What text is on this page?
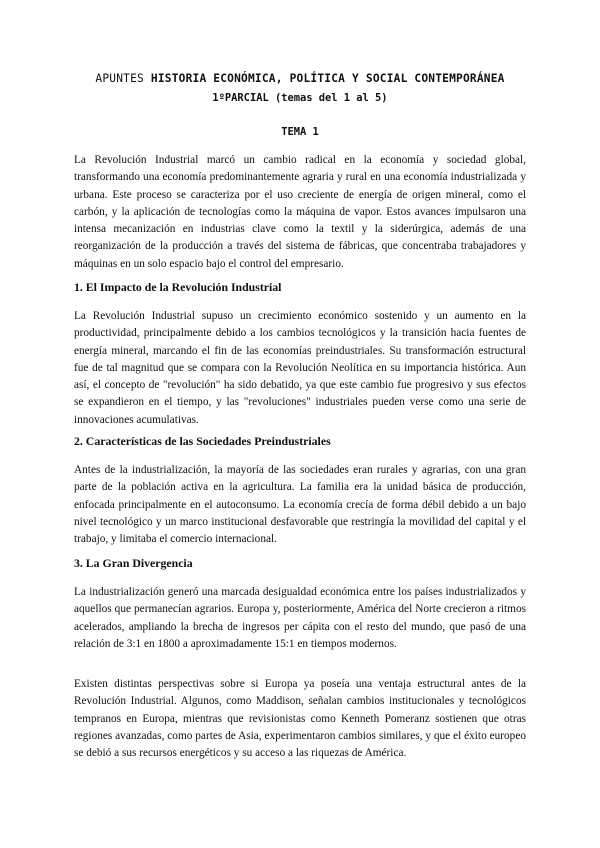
APUNTES HISTORIA ECONÓMICA, POLÍTICA Y SOCIAL CONTEMPORÁNEA
1ºPARCIAL (temas del 1 al 5)
TEMA 1

La Revolución Industrial marcó un cambio radical en la economía y sociedad global, transformando una economía predominantemente agraria y rural en una economía industrializada y urbana. Este proceso se caracteriza por el uso creciente de energía de origen mineral, como el carbón, y la aplicación de tecnologías como la máquina de vapor. Estos avances impulsaron una intensa mecanización en industrias clave como la textil y la siderúrgica, además de una reorganización de la producción a través del sistema de fábricas, que concentraba trabajadores y máquinas en un solo espacio bajo el control del empresario.

1. El Impacto de la Revolución Industrial

La Revolución Industrial supuso un crecimiento económico sostenido y un aumento en la productividad, principalmente debido a los cambios tecnológicos y la transición hacia fuentes de energía mineral, marcando el fin de las economías preindustriales. Su transformación estructural fue de tal magnitud que se compara con la Revolución Neolítica en su importancia histórica. Aun así, el concepto de "revolución" ha sido debatido, ya que este cambio fue progresivo y sus efectos se expandieron en el tiempo, y las "revoluciones" industriales pueden verse como una serie de innovaciones acumulativas.

2. Características de las Sociedades Preindustriales

Antes de la industrialización, la mayoría de las sociedades eran rurales y agrarias, con una gran parte de la población activa en la agricultura. La familia era la unidad básica de producción, enfocada principalmente en el autoconsumo. La economía crecía de forma débil debido a un bajo nivel tecnológico y un marco institucional desfavorable que restringía la movilidad del capital y el trabajo, y limitaba el comercio internacional.

3. La Gran Divergencia

La industrialización generó una marcada desigualdad económica entre los países industrializados y aquellos que permanecían agrarios. Europa y, posteriormente, América del Norte crecieron a ritmos acelerados, ampliando la brecha de ingresos per cápita con el resto del mundo, que pasó de una relación de 3:1 en 1800 a aproximadamente 15:1 en tiempos modernos.

Existen distintas perspectivas sobre si Europa ya poseía una ventaja estructural antes de la Revolución Industrial. Algunos, como Maddison, señalan cambios institucionales y tecnológicos tempranos en Europa, mientras que revisionistas como Kenneth Pomeranz sostienen que otras regiones avanzadas, como partes de Asia, experimentaron cambios similares, y que el éxito europeo se debió a sus recursos energéticos y su acceso a las riquezas de América.
